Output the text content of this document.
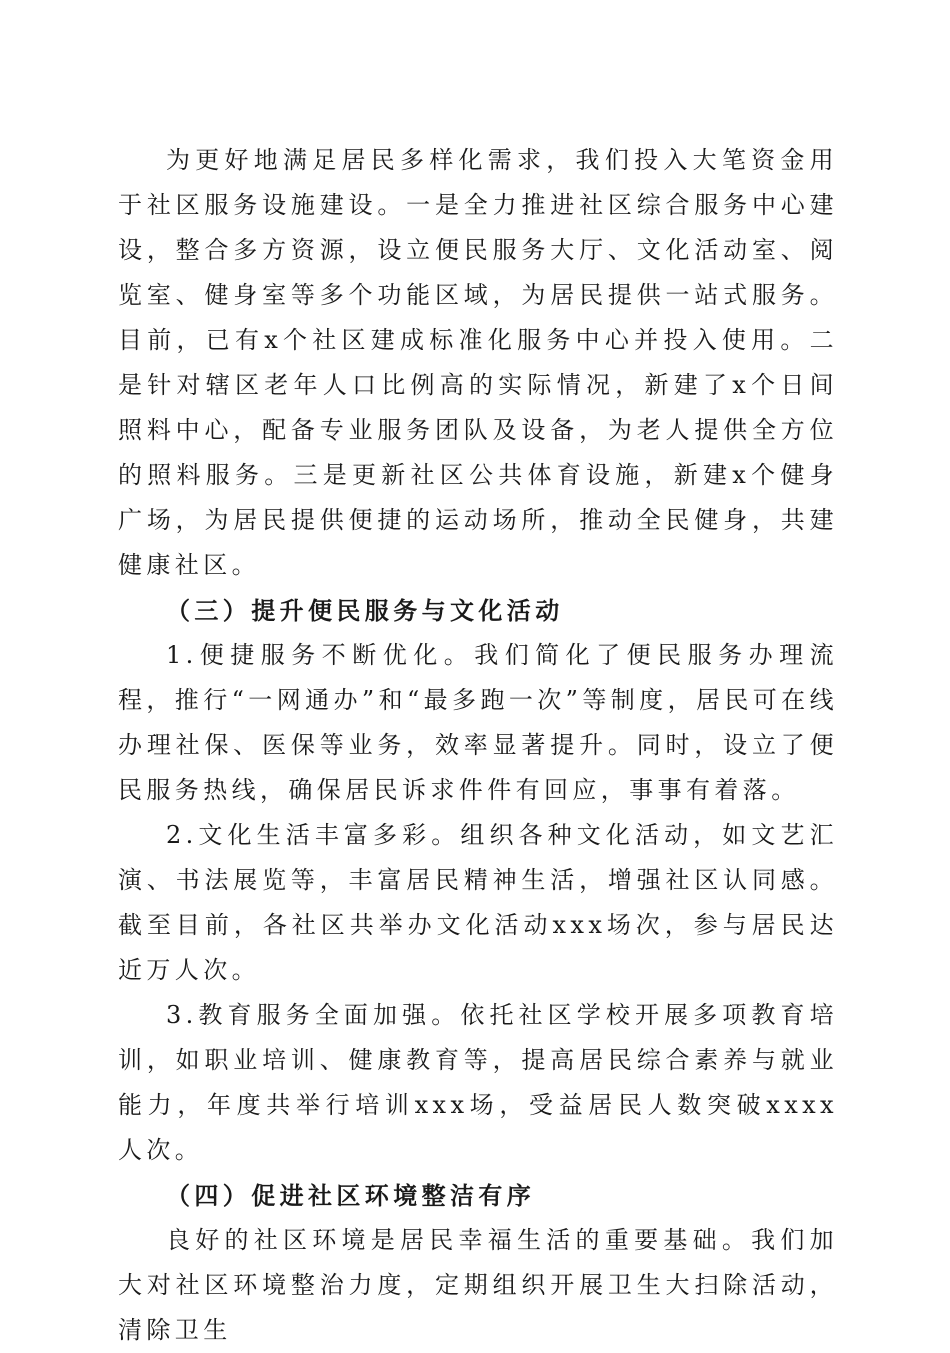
为更好地满足居民多样化需求，我们投入大笔资金用于社区服务设施建设。一是全力推进社区综合服务中心建设，整合多方资源，设立便民服务大厅、文化活动室、阅览室、健身室等多个功能区域，为居民提供一站式服务。目前，已有x个社区建成标准化服务中心并投入使用。二是针对辖区老年人口比例高的实际情况，新建了x个日间照料中心，配备专业服务团队及设备，为老人提供全方位的照料服务。三是更新社区公共体育设施，新建x个健身广场，为居民提供便捷的运动场所，推动全民健身，共建健康社区。

（三）提升便民服务与文化活动

1.便捷服务不断优化。我们简化了便民服务办理流程，推行“一网通办”和“最多跑一次”等制度，居民可在线办理社保、医保等业务，效率显著提升。同时，设立了便民服务热线，确保居民诉求件件有回应，事事有着落。

2.文化生活丰富多彩。组织各种文化活动，如文艺汇演、书法展览等，丰富居民精神生活，增强社区认同感。截至目前，各社区共举办文化活动xxx场次，参与居民达近万人次。

3.教育服务全面加强。依托社区学校开展多项教育培训，如职业培训、健康教育等，提高居民综合素养与就业能力，年度共举行培训xxx场，受益居民人数突破xxxx人次。

（四）促进社区环境整洁有序

良好的社区环境是居民幸福生活的重要基础。我们加大对社区环境整治力度，定期组织开展卫生大扫除活动，清除卫生
